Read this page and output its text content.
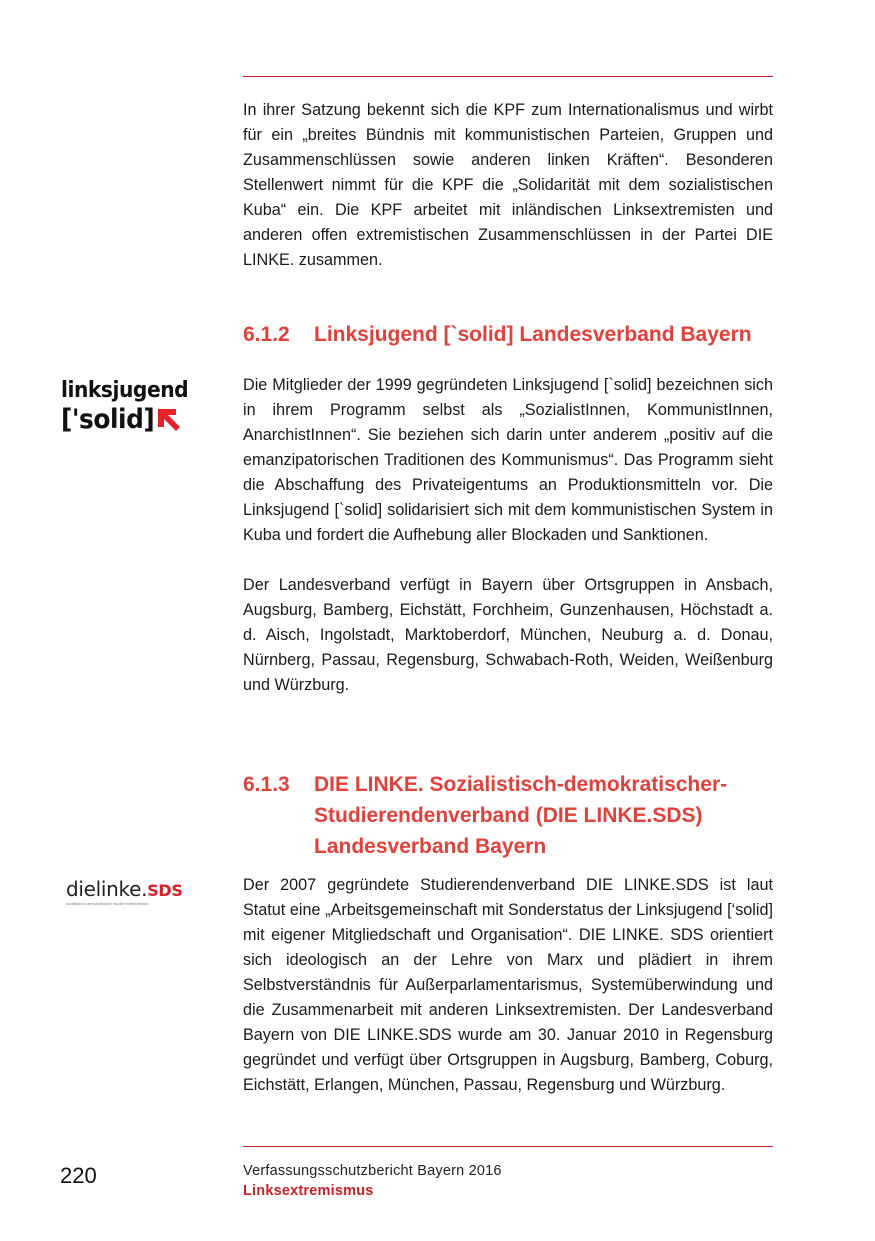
In ihrer Satzung bekennt sich die KPF zum Internationalismus und wirbt für ein „breites Bündnis mit kommunistischen Parteien, Gruppen und Zusammenschlüssen sowie anderen linken Kräften“. Besonderen Stellenwert nimmt für die KPF die „Solidarität mit dem sozialistischen Kuba“ ein. Die KPF arbeitet mit inländischen Linksextremisten und anderen offen extremistischen Zusammenschlüssen in der Partei DIE LINKE. zusammen.

6.1.2	Linksjugend [`solid] Landesverband Bayern
linksjugend
['solid]

Die Mitglieder der 1999 gegründeten Linksjugend [`solid] bezeichnen sich in ihrem Programm selbst als „SozialistInnen, KommunistInnen, AnarchistInnen“. Sie beziehen sich darin unter anderem „positiv auf die emanzipatorischen Traditionen des Kommunismus“. Das Programm sieht die Abschaffung des Privateigentums an Produktionsmitteln vor. Die Linksjugend [`solid] solidarisiert sich mit dem kommunistischen System in Kuba und fordert die Aufhebung aller Blockaden und Sanktionen.

Der Landesverband verfügt in Bayern über Ortsgruppen in Ansbach, Augsburg, Bamberg, Eichstätt, Forchheim, Gunzenhausen, Höchstadt a. d. Aisch, Ingolstadt, Marktoberdorf, München, Neuburg a. d. Donau, Nürnberg, Passau, Regensburg, Schwabach-Roth, Weiden, Weißenburg und Würzburg.

6.1.3	DIE LINKE. Sozialistisch-demokratischer-Studierendenverband (DIE LINKE.SDS) Landesverband Bayern
dielinke.SDS
sozialistisch-demokratischer studierendenverband

Der 2007 gegründete Studierendenverband DIE LINKE.SDS ist laut Statut eine „Arbeitsgemeinschaft mit Sonderstatus der Linksjugend [‘solid] mit eigener Mitgliedschaft und Organisation“. DIE LINKE. SDS orientiert sich ideologisch an der Lehre von Marx und plädiert in ihrem Selbstverständnis für Außerparlamentarismus, Systemüberwindung und die Zusammenarbeit mit anderen Linksextremisten. Der Landesverband Bayern von DIE LINKE.SDS wurde am 30. Januar 2010 in Regensburg gegründet und verfügt über Ortsgruppen in Augsburg, Bamberg, Coburg, Eichstätt, Erlangen, München, Passau, Regensburg und Würzburg.

220	Verfassungsschutzbericht Bayern 2016
Linksextremismus
